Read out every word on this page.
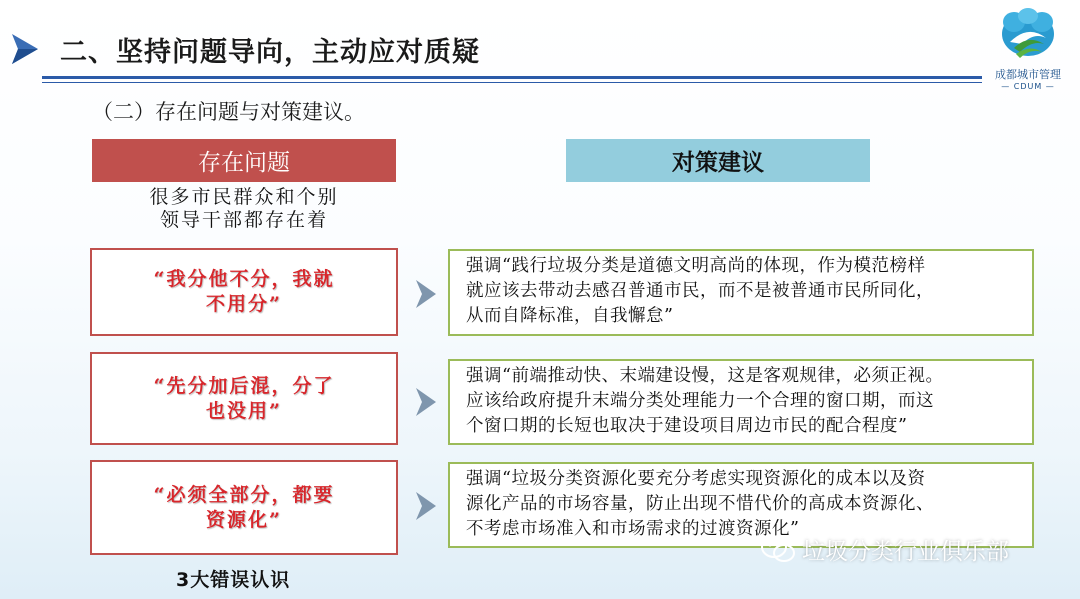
二、坚持问题导向，主动应对质疑
成都城市管理
— CDUM —
（二）存在问题与对策建议。
存在问题	对策建议
很多市民群众和个别
领导干部都存在着
“我分他不分，我就
不用分”
强调“践行垃圾分类是道德文明高尚的体现，作为模范榜样
就应该去带动去感召普通市民，而不是被普通市民所同化，
从而自降标准，自我懈怠”
“先分加后混，分了
也没用”
强调“前端推动快、末端建设慢，这是客观规律，必须正视。
应该给政府提升末端分类处理能力一个合理的窗口期，而这
个窗口期的长短也取决于建设项目周边市民的配合程度”
“必须全部分，都要
资源化”
强调“垃圾分类资源化要充分考虑实现资源化的成本以及资
源化产品的市场容量，防止出现不惜代价的高成本资源化、
不考虑市场准入和市场需求的过渡资源化”
3大错误认识
垃圾分类行业俱乐部
